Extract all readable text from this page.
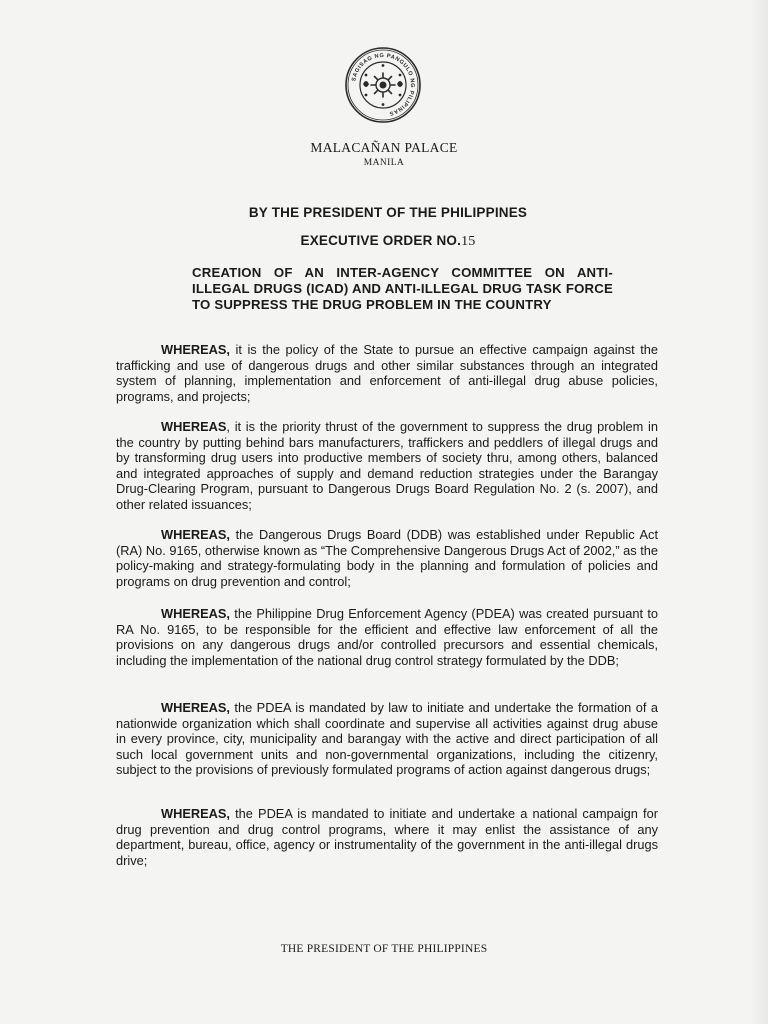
SAGISAG NG PANGULO NG PILIPINAS
MALACAÑAN PALACE
MANILA
BY THE PRESIDENT OF THE PHILIPPINES
EXECUTIVE ORDER NO.15
CREATION OF AN INTER-AGENCY COMMITTEE ON ANTI-ILLEGAL DRUGS (ICAD) AND ANTI-ILLEGAL DRUG TASK FORCE TO SUPPRESS THE DRUG PROBLEM IN THE COUNTRY

WHEREAS, it is the policy of the State to pursue an effective campaign against the trafficking and use of dangerous drugs and other similar substances through an integrated system of planning, implementation and enforcement of anti-illegal drug abuse policies, programs, and projects;

WHEREAS, it is the priority thrust of the government to suppress the drug problem in the country by putting behind bars manufacturers, traffickers and peddlers of illegal drugs and by transforming drug users into productive members of society thru, among others, balanced and integrated approaches of supply and demand reduction strategies under the Barangay Drug-Clearing Program, pursuant to Dangerous Drugs Board Regulation No. 2 (s. 2007), and other related issuances;

WHEREAS, the Dangerous Drugs Board (DDB) was established under Republic Act (RA) No. 9165, otherwise known as “The Comprehensive Dangerous Drugs Act of 2002,” as the policy-making and strategy-formulating body in the planning and formulation of policies and programs on drug prevention and control;

WHEREAS, the Philippine Drug Enforcement Agency (PDEA) was created pursuant to RA No. 9165, to be responsible for the efficient and effective law enforcement of all the provisions on any dangerous drugs and/or controlled precursors and essential chemicals, including the implementation of the national drug control strategy formulated by the DDB;

WHEREAS, the PDEA is mandated by law to initiate and undertake the formation of a nationwide organization which shall coordinate and supervise all activities against drug abuse in every province, city, municipality and barangay with the active and direct participation of all such local government units and non-governmental organizations, including the citizenry, subject to the provisions of previously formulated programs of action against dangerous drugs;

WHEREAS, the PDEA is mandated to initiate and undertake a national campaign for drug prevention and drug control programs, where it may enlist the assistance of any department, bureau, office, agency or instrumentality of the government in the anti-illegal drugs drive;

THE PRESIDENT OF THE PHILIPPINES
